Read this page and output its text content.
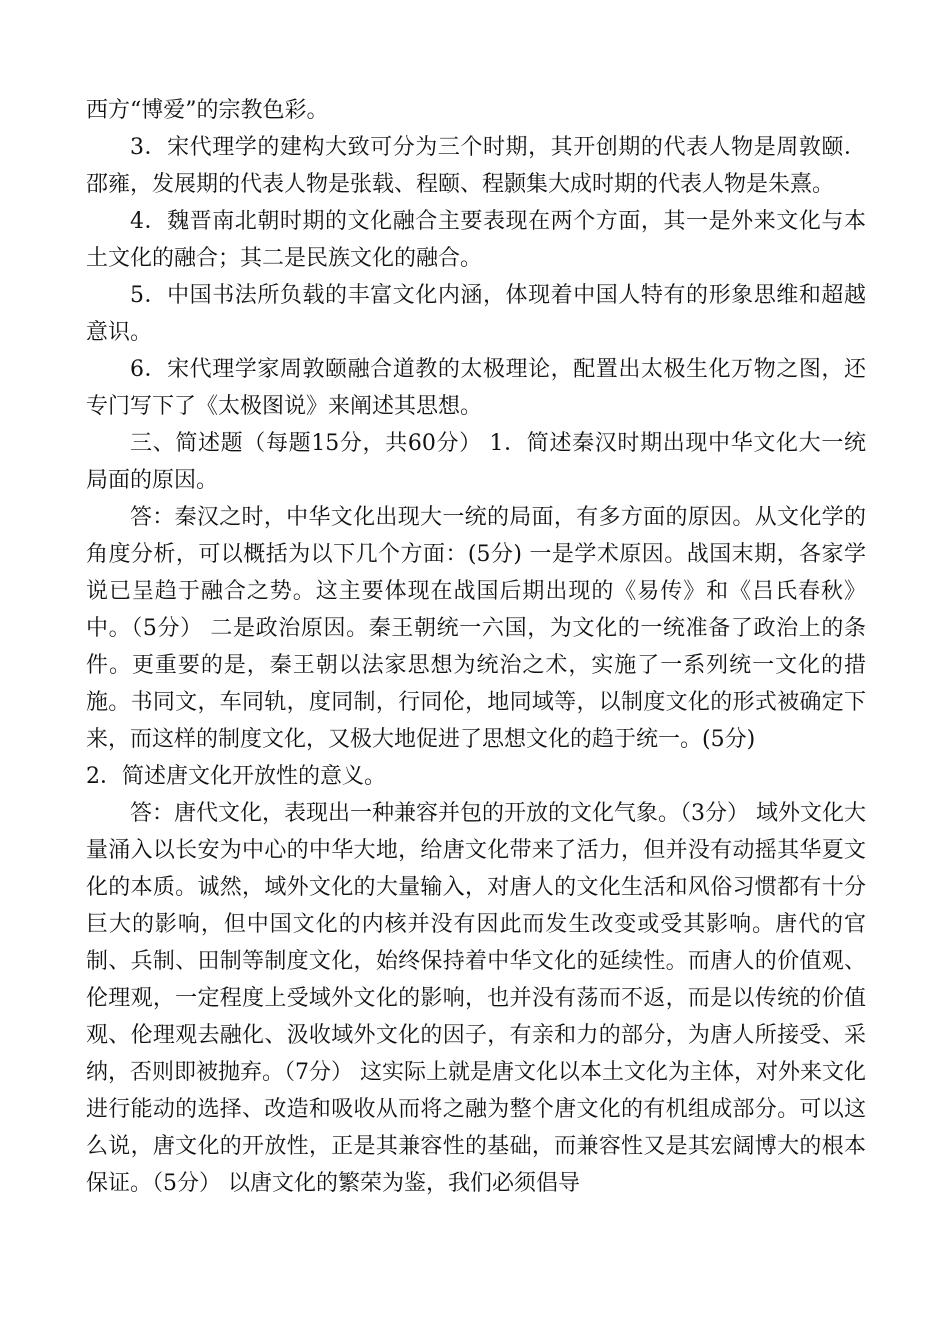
西方“博爱”的宗教色彩。

3．宋代理学的建构大致可分为三个时期，其开创期的代表人物是周敦颐．邵雍，发展期的代表人物是张载、程颐、程颢集大成时期的代表人物是朱熹。

4．魏晋南北朝时期的文化融合主要表现在两个方面，其一是外来文化与本土文化的融合；其二是民族文化的融合。

5．中国书法所负载的丰富文化内涵，体现着中国人特有的形象思维和超越意识。

6．宋代理学家周敦颐融合道教的太极理论，配置出太极生化万物之图，还专门写下了《太极图说》来阐述其思想。

三、简述题（每题15分，共60分） 1．简述秦汉时期出现中华文化大一统局面的原因。

答：秦汉之时，中华文化出现大一统的局面，有多方面的原因。从文化学的角度分析，可以概括为以下几个方面：(5分) 一是学术原因。战国末期，各家学说已呈趋于融合之势。这主要体现在战国后期出现的《易传》和《吕氏春秋》中。（5分） 二是政治原因。秦王朝统一六国，为文化的一统准备了政治上的条件。更重要的是，秦王朝以法家思想为统治之术，实施了一系列统一文化的措施。书同文，车同轨，度同制，行同伦，地同域等，以制度文化的形式被确定下来，而这样的制度文化，又极大地促进了思想文化的趋于统一。(5分)

2．简述唐文化开放性的意义。

答：唐代文化，表现出一种兼容并包的开放的文化气象。（3分） 域外文化大量涌入以长安为中心的中华大地，给唐文化带来了活力，但并没有动摇其华夏文化的本质。诚然，域外文化的大量输入，对唐人的文化生活和风俗习惯都有十分巨大的影响，但中国文化的内核并没有因此而发生改变或受其影响。唐代的官制、兵制、田制等制度文化，始终保持着中华文化的延续性。而唐人的价值观、伦理观，一定程度上受域外文化的影响，也并没有荡而不返，而是以传统的价值观、伦理观去融化、汲收域外文化的因子，有亲和力的部分，为唐人所接受、采纳，否则即被抛弃。（7分） 这实际上就是唐文化以本土文化为主体，对外来文化进行能动的选择、改造和吸收从而将之融为整个唐文化的有机组成部分。可以这么说，唐文化的开放性，正是其兼容性的基础，而兼容性又是其宏阔博大的根本保证。（5分） 以唐文化的繁荣为鉴，我们必须倡导
